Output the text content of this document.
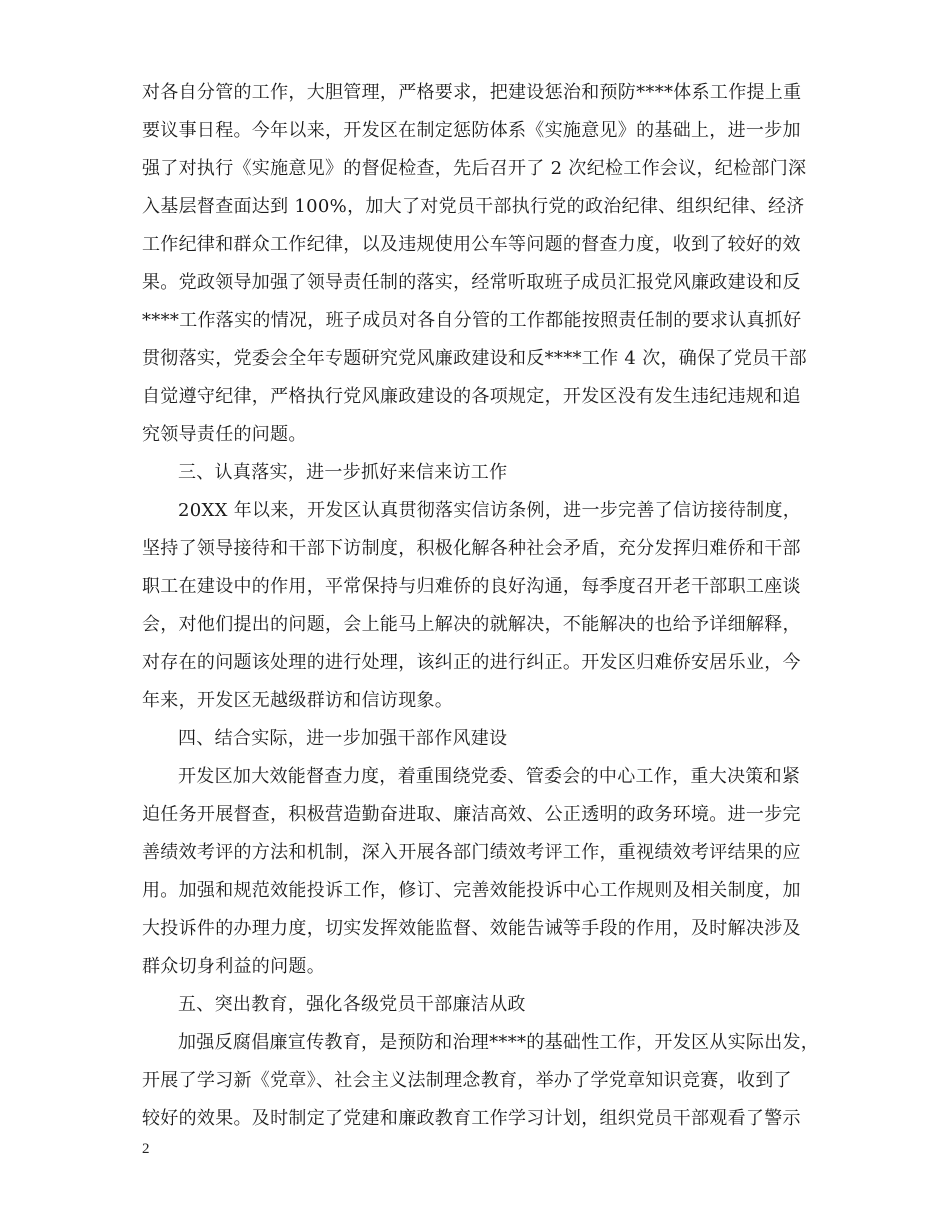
对各自分管的工作，大胆管理，严格要求，把建设惩治和预防****体系工作提上重
要议事日程。今年以来，开发区在制定惩防体系《实施意见》的基础上，进一步加
强了对执行《实施意见》的督促检查，先后召开了 2 次纪检工作会议，纪检部门深
入基层督查面达到 100%，加大了对党员干部执行党的政治纪律、组织纪律、经济
工作纪律和群众工作纪律，以及违规使用公车等问题的督查力度，收到了较好的效
果。党政领导加强了领导责任制的落实，经常听取班子成员汇报党风廉政建设和反
****工作落实的情况，班子成员对各自分管的工作都能按照责任制的要求认真抓好
贯彻落实，党委会全年专题研究党风廉政建设和反****工作 4 次，确保了党员干部
自觉遵守纪律，严格执行党风廉政建设的各项规定，开发区没有发生违纪违规和追
究领导责任的问题。
三、认真落实，进一步抓好来信来访工作
20XX 年以来，开发区认真贯彻落实信访条例，进一步完善了信访接待制度，
坚持了领导接待和干部下访制度，积极化解各种社会矛盾，充分发挥归难侨和干部
职工在建设中的作用，平常保持与归难侨的良好沟通，每季度召开老干部职工座谈
会，对他们提出的问题，会上能马上解决的就解决，不能解决的也给予详细解释，
对存在的问题该处理的进行处理，该纠正的进行纠正。开发区归难侨安居乐业，今
年来，开发区无越级群访和信访现象。
四、结合实际，进一步加强干部作风建设
开发区加大效能督查力度，着重围绕党委、管委会的中心工作，重大决策和紧
迫任务开展督查，积极营造勤奋进取、廉洁高效、公正透明的政务环境。进一步完
善绩效考评的方法和机制，深入开展各部门绩效考评工作，重视绩效考评结果的应
用。加强和规范效能投诉工作，修订、完善效能投诉中心工作规则及相关制度，加
大投诉件的办理力度，切实发挥效能监督、效能告诫等手段的作用，及时解决涉及
群众切身利益的问题。
五、突出教育，强化各级党员干部廉洁从政
加强反腐倡廉宣传教育，是预防和治理****的基础性工作，开发区从实际出发，
开展了学习新《党章》、社会主义法制理念教育，举办了学党章知识竞赛，收到了
较好的效果。及时制定了党建和廉政教育工作学习计划，组织党员干部观看了警示
2
